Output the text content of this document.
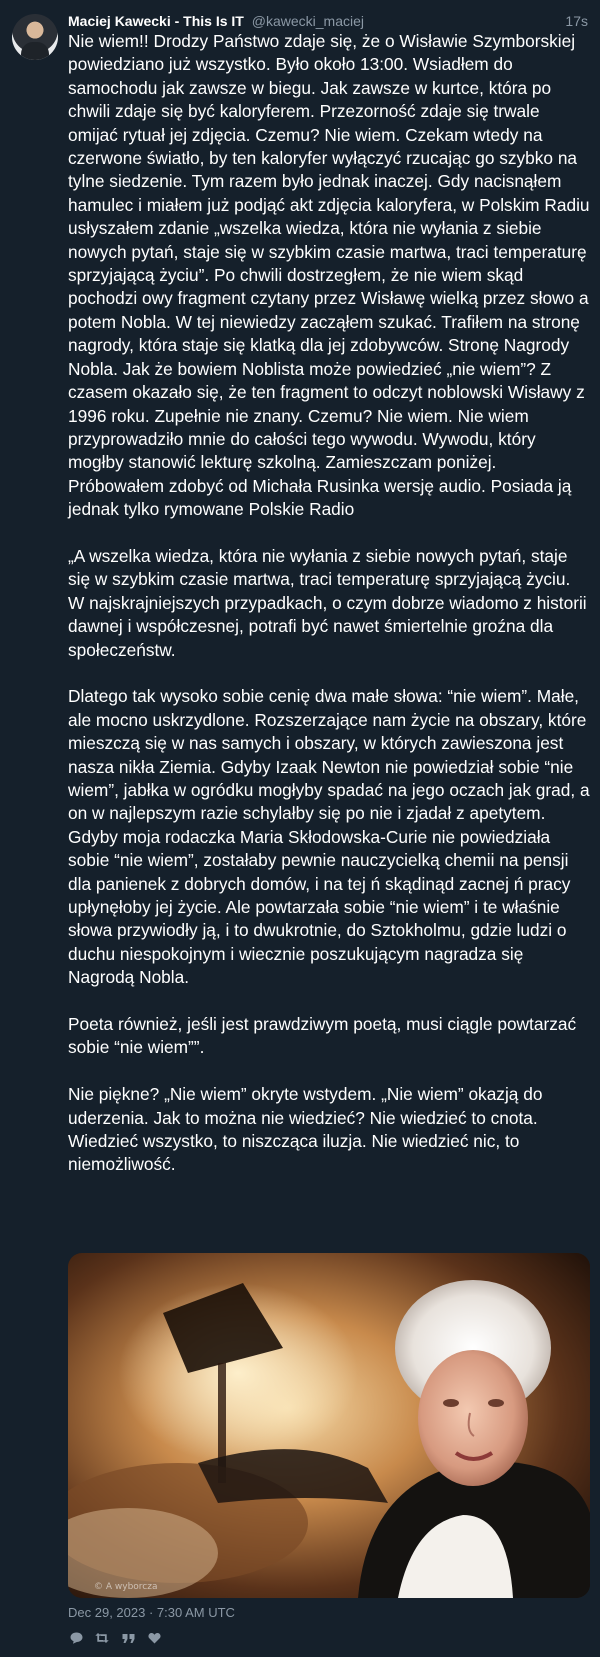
Maciej Kawecki - This Is IT @kawecki_maciej	17s

Nie wiem!! Drodzy Państwo zdaje się, że o Wisławie Szymborskiej powiedziano już wszystko. Było około 13:00. Wsiadłem do samochodu jak zawsze w biegu. Jak zawsze w kurtce, która po chwili zdaje się być kaloryferem. Przezorność zdaje się trwale omijać rytuał jej zdjęcia. Czemu? Nie wiem. Czekam wtedy na czerwone światło, by ten kaloryfer wyłączyć rzucając go szybko na tylne siedzenie. Tym razem było jednak inaczej. Gdy nacisnąłem hamulec i miałem już podjąć akt zdjęcia kaloryfera, w Polskim Radiu usłyszałem zdanie „wszelka wiedza, która nie wyłania z siebie nowych pytań, staje się w szybkim czasie martwa, traci temperaturę sprzyjającą życiu”. Po chwili dostrzegłem, że nie wiem skąd pochodzi owy fragment czytany przez Wisławę wielką przez słowo a potem Nobla. W tej niewiedzy zacząłem szukać. Trafiłem na stronę nagrody, która staje się klatką dla jej zdobywców. Stronę Nagrody Nobla. Jak że bowiem Noblista może powiedzieć „nie wiem”? Z czasem okazało się, że ten fragment to odczyt noblowski Wisławy z 1996 roku. Zupełnie nie znany. Czemu? Nie wiem. Nie wiem przyprowadziło mnie do całości tego wywodu. Wywodu, który mogłby stanowić lekturę szkolną. Zamieszczam poniżej. Próbowałem zdobyć od Michała Rusinka wersję audio. Posiada ją jednak tylko rymowane Polskie Radio

„A wszelka wiedza, która nie wyłania z siebie nowych pytań, staje się w szybkim czasie martwa, traci temperaturę sprzyjającą życiu. W najskrajniejszych przypadkach, o czym dobrze wiadomo z historii dawnej i współczesnej, potrafi być nawet śmiertelnie groźna dla społeczeństw.

Dlatego tak wysoko sobie cenię dwa małe słowa: “nie wiem”. Małe, ale mocno uskrzydlone. Rozszerzające nam życie na obszary, które mieszczą się w nas samych i obszary, w których zawieszona jest nasza nikła Ziemia. Gdyby Izaak Newton nie powiedział sobie “nie wiem”, jabłka w ogródku mogłyby spadać na jego oczach jak grad, a on w najlepszym razie schylałby się po nie i zjadał z apetytem. Gdyby moja rodaczka Maria Skłodowska-Curie nie powiedziała sobie “nie wiem”, zostałaby pewnie nauczycielką chemii na pensji dla panienek z dobrych domów, i na tej ń skądinąd zacnej ń pracy upłynęłoby jej życie. Ale powtarzała sobie “nie wiem” i te właśnie słowa przywiodły ją, i to dwukrotnie, do Sztokholmu, gdzie ludzi o duchu niespokojnym i wiecznie poszukującym nagradza się Nagrodą Nobla.

Poeta również, jeśli jest prawdziwym poetą, musi ciągle powtarzać sobie “nie wiem””.

Nie piękne? „Nie wiem” okryte wstydem. „Nie wiem” okazją do uderzenia. Jak to można nie wiedzieć? Nie wiedzieć to cnota. Wiedzieć wszystko, to niszcząca iluzja. Nie wiedzieć nic, to niemożliwość.

© A wyborcza
Dec 29, 2023 · 7:30 AM UTC
